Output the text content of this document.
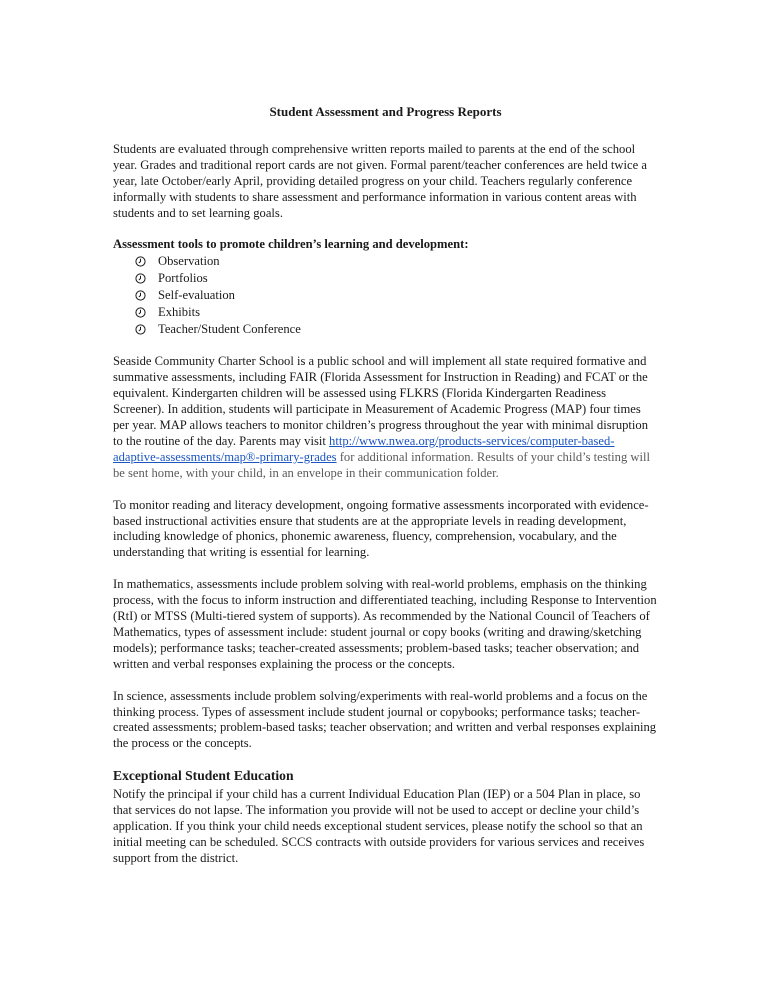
Student Assessment and Progress Reports

Students are evaluated through comprehensive written reports mailed to parents at the end of the school year. Grades and traditional report cards are not given. Formal parent/teacher conferences are held twice a year, late October/early April, providing detailed progress on your child. Teachers regularly conference informally with students to share assessment and performance information in various content areas with students and to set learning goals.

Assessment tools to promote children’s learning and development:
Observation
Portfolios
Self-evaluation
Exhibits
Teacher/Student Conference

Seaside Community Charter School is a public school and will implement all state required formative and summative assessments, including FAIR (Florida Assessment for Instruction in Reading) and FCAT or the equivalent. Kindergarten children will be assessed using FLKRS (Florida Kindergarten Readiness Screener). In addition, students will participate in Measurement of Academic Progress (MAP) four times per year. MAP allows teachers to monitor children’s progress throughout the year with minimal disruption to the routine of the day. Parents may visit http://www.nwea.org/products-services/computer-based-adaptive-assessments/map®-primary-grades for additional information. Results of your child’s testing will be sent home, with your child, in an envelope in their communication folder.

To monitor reading and literacy development, ongoing formative assessments incorporated with evidence-based instructional activities ensure that students are at the appropriate levels in reading development, including knowledge of phonics, phonemic awareness, fluency, comprehension, vocabulary, and the understanding that writing is essential for learning.

In mathematics, assessments include problem solving with real-world problems, emphasis on the thinking process, with the focus to inform instruction and differentiated teaching, including Response to Intervention (RtI) or MTSS (Multi-tiered system of supports). As recommended by the National Council of Teachers of Mathematics, types of assessment include: student journal or copy books (writing and drawing/sketching models); performance tasks; teacher-created assessments; problem-based tasks; teacher observation; and written and verbal responses explaining the process or the concepts.

In science, assessments include problem solving/experiments with real-world problems and a focus on the thinking process. Types of assessment include student journal or copybooks; performance tasks; teacher-created assessments; problem-based tasks; teacher observation; and written and verbal responses explaining the process or the concepts.

Exceptional Student Education

Notify the principal if your child has a current Individual Education Plan (IEP) or a 504 Plan in place, so that services do not lapse. The information you provide will not be used to accept or decline your child’s application. If you think your child needs exceptional student services, please notify the school so that an initial meeting can be scheduled. SCCS contracts with outside providers for various services and receives support from the district.
